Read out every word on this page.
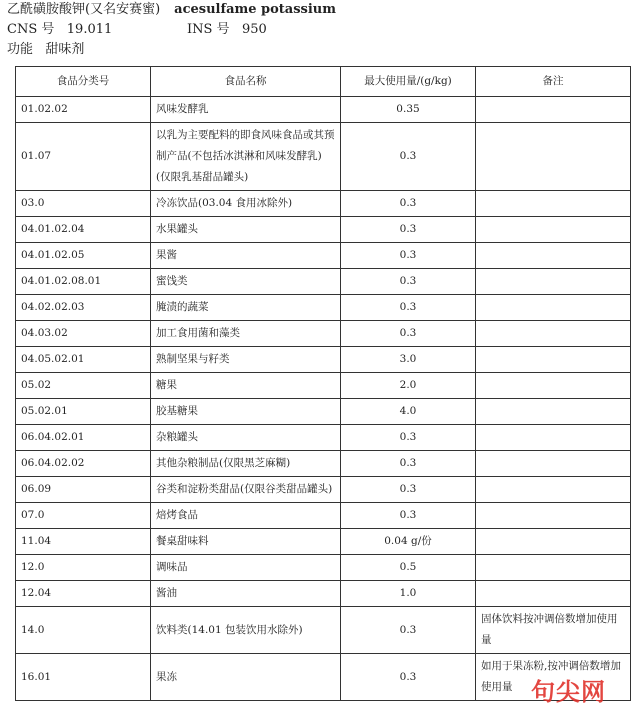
乙酰磺胺酸钾(又名安赛蜜) acesulfame potassium
CNS 号 19.011	INS 号 950
功能 甜味剂
食品分类号	食品名称	最大使用量/(g/kg)	备注

01.02.02	风味发酵乳	0.35	

01.07	以乳为主要配料的即食风味食品或其预制产品(不包括冰淇淋和风味发酵乳)(仅限乳基甜品罐头)	0.3	

03.0	冷冻饮品(03.04 食用冰除外)	0.3	

04.01.02.04	水果罐头	0.3	

04.01.02.05	果酱	0.3	

04.01.02.08.01	蜜饯类	0.3	

04.02.02.03	腌渍的蔬菜	0.3	

04.03.02	加工食用菌和藻类	0.3	

04.05.02.01	熟制坚果与籽类	3.0	

05.02	糖果	2.0	

05.02.01	胶基糖果	4.0	

06.04.02.01	杂粮罐头	0.3	

06.04.02.02	其他杂粮制品(仅限黑芝麻糊)	0.3	

06.09	谷类和淀粉类甜品(仅限谷类甜品罐头)	0.3	

07.0	焙烤食品	0.3	

11.04	餐桌甜味料	0.04 g/份	

12.0	调味品	0.5	

12.04	酱油	1.0	

14.0	饮料类(14.01 包装饮用水除外)	0.3	固体饮料按冲调倍数增加使用量

16.01	果冻	0.3	如用于果冻粉,按冲调倍数增加使用量 句尖网
